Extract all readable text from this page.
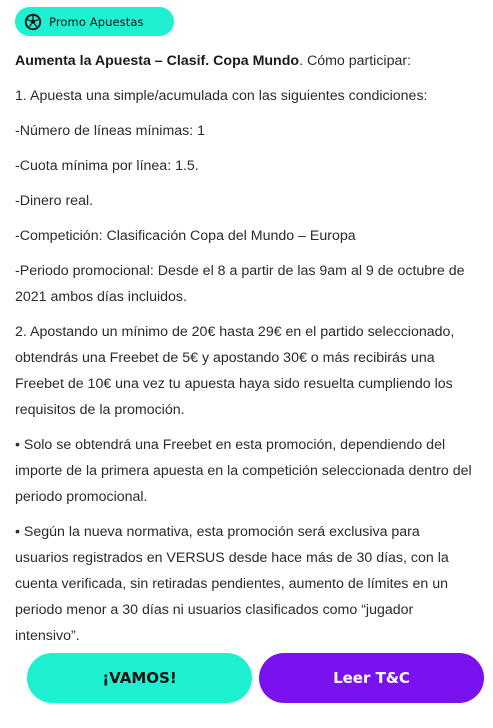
Promo Apuestas

Aumenta la Apuesta – Clasif. Copa Mundo. Cómo participar:

1. Apuesta una simple/acumulada con las siguientes condiciones:

-Número de líneas mínimas: 1

-Cuota mínima por línea: 1.5.

-Dinero real.

-Competición: Clasificación Copa del Mundo – Europa

-Periodo promocional: Desde el 8 a partir de las 9am al 9 de octubre de 2021 ambos días incluidos.

2. Apostando un mínimo de 20€ hasta 29€ en el partido seleccionado, obtendrás una Freebet de 5€ y apostando 30€ o más recibirás una Freebet de 10€ una vez tu apuesta haya sido resuelta cumpliendo los requisitos de la promoción.

• Solo se obtendrá una Freebet en esta promoción, dependiendo del importe de la primera apuesta en la competición seleccionada dentro del periodo promocional.

• Según la nueva normativa, esta promoción será exclusiva para usuarios registrados en VERSUS desde hace más de 30 días, con la cuenta verificada, sin retiradas pendientes, aumento de límites en un periodo menor a 30 días ni usuarios clasificados como “jugador intensivo”.

¡VAMOS!	Leer T&C
